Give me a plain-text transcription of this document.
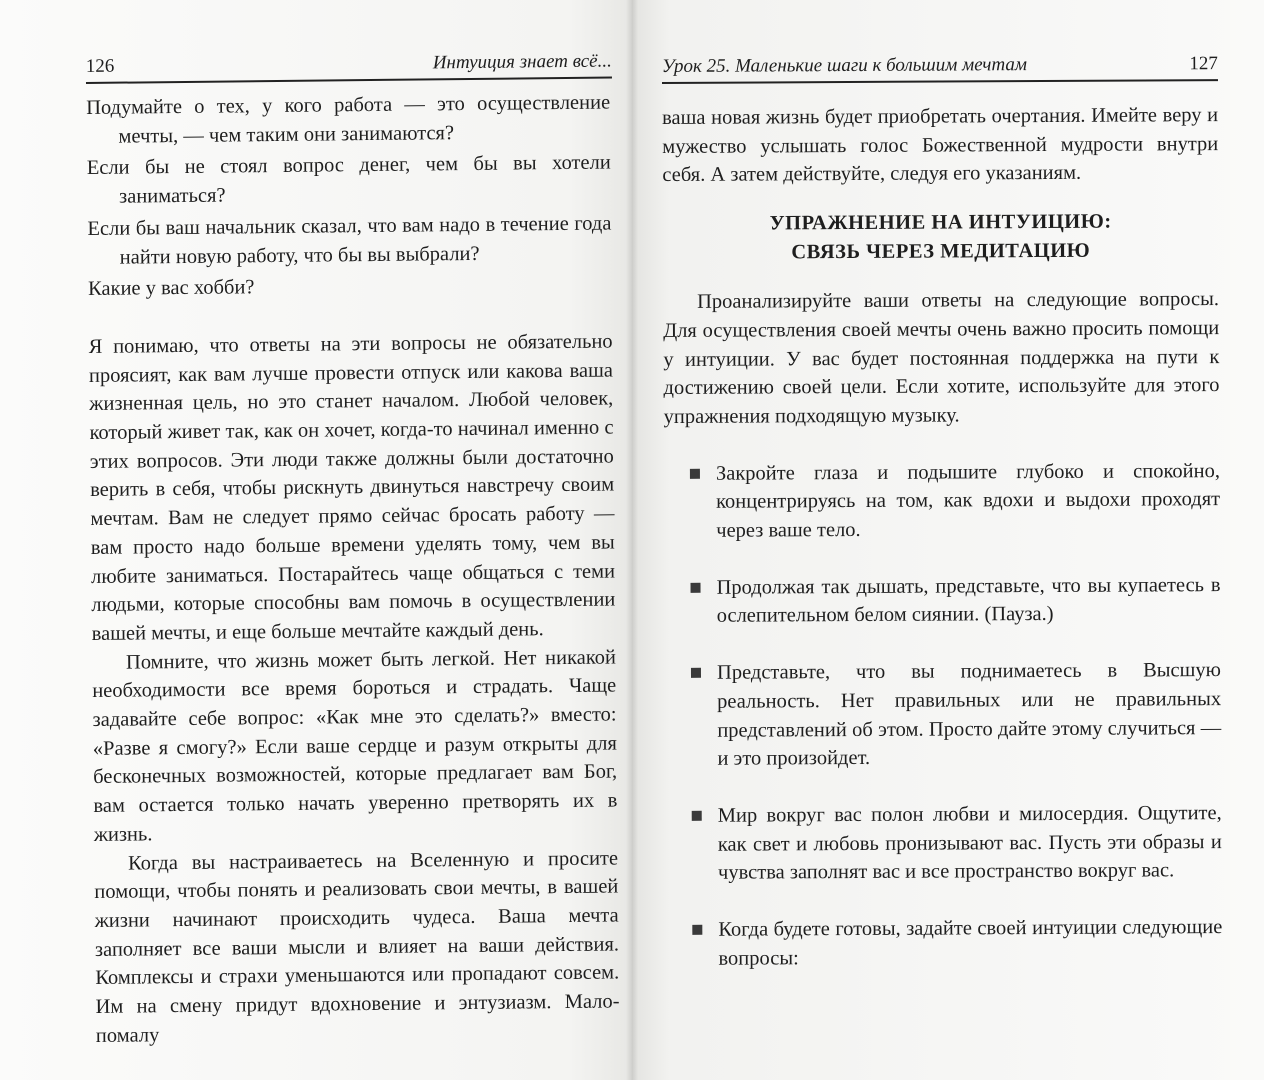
126	Интуиция знает всё...

Подумайте о тех, у кого работа — это осуществление мечты, — чем таким они занимаются?

Если бы не стоял вопрос денег, чем бы вы хотели заниматься?

Если бы ваш начальник сказал, что вам надо в течение года найти новую работу, что бы вы выбрали?

Какие у вас хобби?

Я понимаю, что ответы на эти вопросы не обязательно проясият, как вам лучше провести отпуск или какова ваша жизненная цель, но это станет началом. Любой человек, который живет так, как он хочет, когда-то начинал именно с этих вопросов. Эти люди также должны были достаточно верить в себя, чтобы рискнуть двинуться навстречу своим мечтам. Вам не следует прямо сейчас бросать работу — вам просто надо больше времени уделять тому, чем вы любите заниматься. Постарайтесь чаще общаться с теми людьми, которые способны вам помочь в осуществлении вашей мечты, и еще больше мечтайте каждый день.

Помните, что жизнь может быть легкой. Нет никакой необходимости все время бороться и страдать. Чаще задавайте себе вопрос: «Как мне это сделать?» вместо: «Разве я смогу?» Если ваше сердце и разум открыты для бесконечных возможностей, которые предлагает вам Бог, вам остается только начать уверенно претворять их в жизнь.

Когда вы настраиваетесь на Вселенную и просите помощи, чтобы понять и реализовать свои мечты, в вашей жизни начинают происходить чудеса. Ваша мечта заполняет все ваши мысли и влияет на ваши действия. Комплексы и страхи уменьшаются или пропадают совсем. Им на смену придут вдохновение и энтузиазм. Мало-помалу

Урок 25. Маленькие шаги к большим мечтам	127

ваша новая жизнь будет приобретать очертания. Имейте веру и мужество услышать голос Божественной мудрости внутри себя. А затем действуйте, следуя его указаниям.

УПРАЖНЕНИЕ НА ИНТУИЦИЮ:
СВЯЗЬ ЧЕРЕЗ МЕДИТАЦИЮ

Проанализируйте ваши ответы на следующие вопросы. Для осуществления своей мечты очень важно просить помощи у интуиции. У вас будет постоянная поддержка на пути к достижению своей цели. Если хотите, используйте для этого упражнения подходящую музыку.

Закройте глаза и подышите глубоко и спокойно, концентрируясь на том, как вдохи и выдохи проходят через ваше тело.

Продолжая так дышать, представьте, что вы купаетесь в ослепительном белом сиянии. (Пауза.)

Представьте, что вы поднимаетесь в Высшую реальность. Нет правильных или не правильных представлений об этом. Просто дайте этому случиться — и это произойдет.

Мир вокруг вас полон любви и милосердия. Ощутите, как свет и любовь пронизывают вас. Пусть эти образы и чувства заполнят вас и все пространство вокруг вас.

Когда будете готовы, задайте своей интуиции следующие вопросы:
